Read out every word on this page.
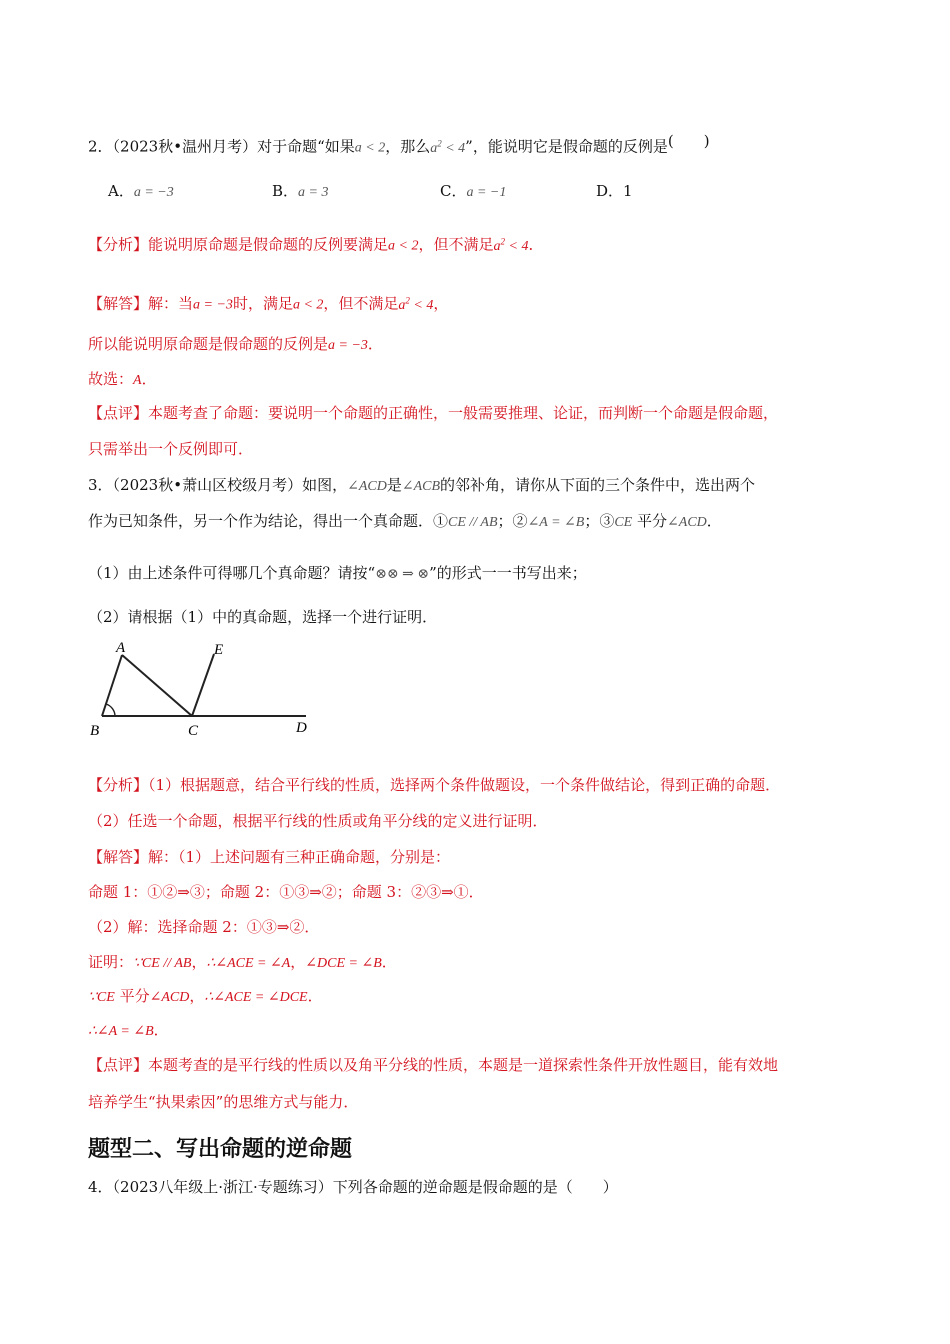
2．（2023秋•温州月考）对于命题“如果a < 2，那么$a^2 < 4$”，能说明它是假命题的反例是(　　)
A．a = −3	B．a = 3	C．a = −1	D．1
【分析】能说明原命题是假命题的反例要满足a < 2，但不满足$a^2 < 4$．
【解答】解：当a = −3时，满足a < 2，但不满足$a^2 < 4$，
所以能说明原命题是假命题的反例是a = −3．
故选：A．
【点评】本题考查了命题：要说明一个命题的正确性，一般需要推理、论证，而判断一个命题是假命题，
只需举出一个反例即可．
3．（2023秋•萧山区校级月考）如图，∠ACD是∠ACB的邻补角，请你从下面的三个条件中，选出两个
作为已知条件，另一个作为结论，得出一个真命题．①CE // AB；②∠A = ∠B；③CE 平分∠ACD．
（1）由上述条件可得哪几个真命题？请按“⊗⊗ ⇒ ⊗”的形式一一书写出来；
（2）请根据（1）中的真命题，选择一个进行证明．
A	E
B	C	D
【分析】（1）根据题意，结合平行线的性质，选择两个条件做题设，一个条件做结论，得到正确的命题．
（2）任选一个命题，根据平行线的性质或角平分线的定义进行证明．
【解答】解：（1）上述问题有三种正确命题，分别是：
命题 1：①②⇒③；命题 2：①③⇒②；命题 3：②③⇒①．
（2）解：选择命题 2：①③⇒②．
证明：∵CE // AB，∴∠ACE = ∠A，∠DCE = ∠B．
∵CE 平分∠ACD，∴∠ACE = ∠DCE．
∴∠A = ∠B．
【点评】本题考查的是平行线的性质以及角平分线的性质，本题是一道探索性条件开放性题目，能有效地
培养学生“执果索因”的思维方式与能力．
题型二、写出命题的逆命题
4．（2023八年级上·浙江·专题练习）下列各命题的逆命题是假命题的是（　　）
